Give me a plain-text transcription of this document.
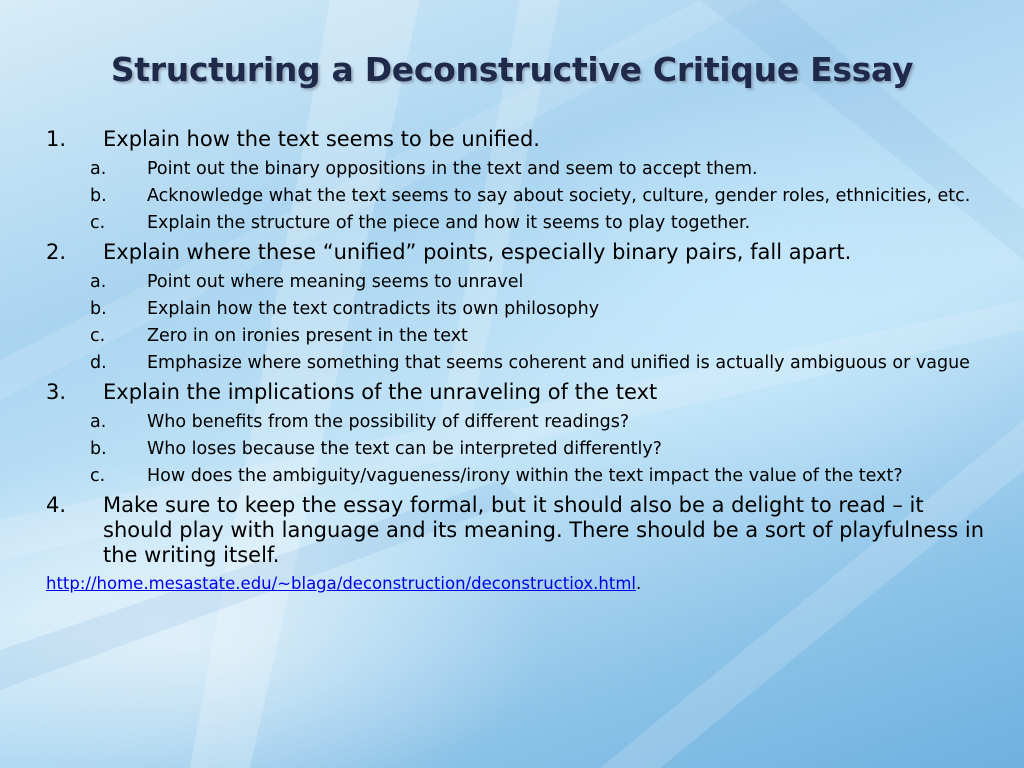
Structuring a Deconstructive Critique Essay
1. Explain how the text seems to be unified.
a. Point out the binary oppositions in the text and seem to accept them.
b. Acknowledge what the text seems to say about society, culture, gender roles, ethnicities, etc.
c. Explain the structure of the piece and how it seems to play together.
2. Explain where these “unified” points, especially binary pairs, fall apart.
a. Point out where meaning seems to unravel
b. Explain how the text contradicts its own philosophy
c. Zero in on ironies present in the text
d. Emphasize where something that seems coherent and unified is actually ambiguous or vague
3. Explain the implications of the unraveling of the text
a. Who benefits from the possibility of different readings?
b. Who loses because the text can be interpreted differently?
c. How does the ambiguity/vagueness/irony within the text impact the value of the text?
4. Make sure to keep the essay formal, but it should also be a delight to read – it should play with language and its meaning. There should be a sort of playfulness in the writing itself.
http://home.mesastate.edu/~blaga/deconstruction/deconstructiox.html.
